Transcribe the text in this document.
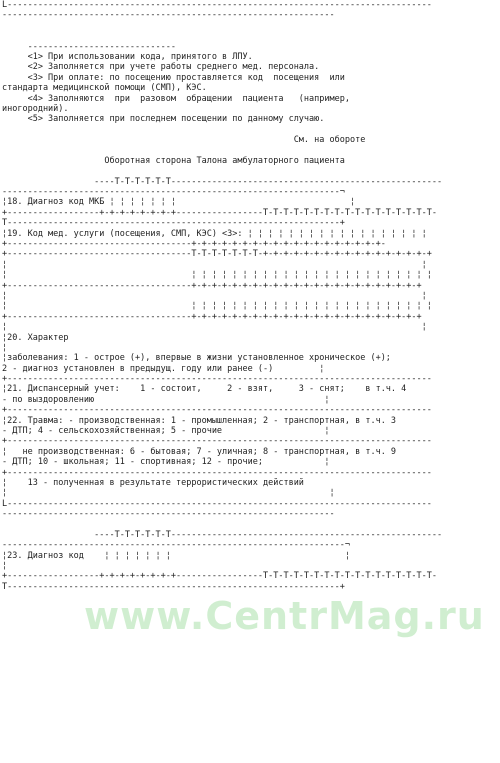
L-----------------------------------------------------------------------------------
-----------------------------------------------------------------
-----------------------------
<1> При использовании кода, принятого в ЛПУ.
<2> Заполняется при учете работы среднего мед. персонала.
<3> При оплате: по посещению проставляется код  посещения  или
стандарта медицинской помощи (СМП), КЭС.
<4> Заполняются  при  разовом  обращении  пациента   (например,
иногородний).
<5> Заполняется при последнем посещении по данному случаю.
См. на обороте
Оборотная сторона Талона амбулаторного пациента
----T-T-T-T-T-T-----------------------------------------------------
------------------------------------------------------------------¬
¦18. Диагноз код МКБ ¦ ¦ ¦ ¦ ¦ ¦ ¦                                  ¦
+------------------+-+-+-+-+-+-+-+-----------------T-T-T-T-T-T-T-T-T-T-T-T-T-T-T-T-T-
T-----------------------------------------------------------------+
¦19. Код мед. услуги (посещения, СМП, КЭС) <3>: ¦ ¦ ¦ ¦ ¦ ¦ ¦ ¦ ¦ ¦ ¦ ¦ ¦ ¦ ¦ ¦ ¦ ¦
+------------------------------------+-+-+-+-+-+-+-+-+-+-+-+-+-+-+-+-+-+-+-
+------------------------------------T-T-T-T-T-T-T-+-+-+-+-+-+-+-+-+-+-+-+-+-+-+-+-+
¦                                                                                 ¦
¦                                    ¦ ¦ ¦ ¦ ¦ ¦ ¦ ¦ ¦ ¦ ¦ ¦ ¦ ¦ ¦ ¦ ¦ ¦ ¦ ¦ ¦ ¦ ¦ ¦
+------------------------------------+-+-+-+-+-+-+-+-+-+-+-+-+-+-+-+-+-+-+-+-+-+-+
¦                                                                                 ¦
¦                                    ¦ ¦ ¦ ¦ ¦ ¦ ¦ ¦ ¦ ¦ ¦ ¦ ¦ ¦ ¦ ¦ ¦ ¦ ¦ ¦ ¦ ¦ ¦ ¦
+------------------------------------+-+-+-+-+-+-+-+-+-+-+-+-+-+-+-+-+-+-+-+-+-+-+
¦                                                                                 ¦
¦20. Характер
¦
¦заболевания: 1 - острое (+), впервые в жизни установленное хроническое (+);
2 - диагноз установлен в предыдущ. году или ранее (-)         ¦
+-----------------------------------------------------------------------------------
¦21. Диспансерный учет:    1 - состоит,     2 - взят,     3 - снят;    в т.ч. 4
- по выздоровлению                                             ¦
+-----------------------------------------------------------------------------------
¦22. Травма: - производственная: 1 - промышленная; 2 - транспортная, в т.ч. 3
- ДТП; 4 - сельскохозяйственная; 5 - прочие                    ¦
+-----------------------------------------------------------------------------------
¦   не производственная: 6 - бытовая; 7 - уличная; 8 - транспортная, в т.ч. 9
- ДТП; 10 - школьная; 11 - спортивная; 12 - прочие;            ¦
+-----------------------------------------------------------------------------------
¦    13 - полученная в результате террористических действий
¦                                                               ¦
L-----------------------------------------------------------------------------------
-----------------------------------------------------------------
----T-T-T-T-T-T-----------------------------------------------------
-------------------------------------------------------------------¬
¦23. Диагноз код    ¦ ¦ ¦ ¦ ¦ ¦ ¦                                  ¦
¦
+------------------+-+-+-+-+-+-+-+-----------------T-T-T-T-T-T-T-T-T-T-T-T-T-T-T-T-T-
T-----------------------------------------------------------------+
www.CentrMag.ru
